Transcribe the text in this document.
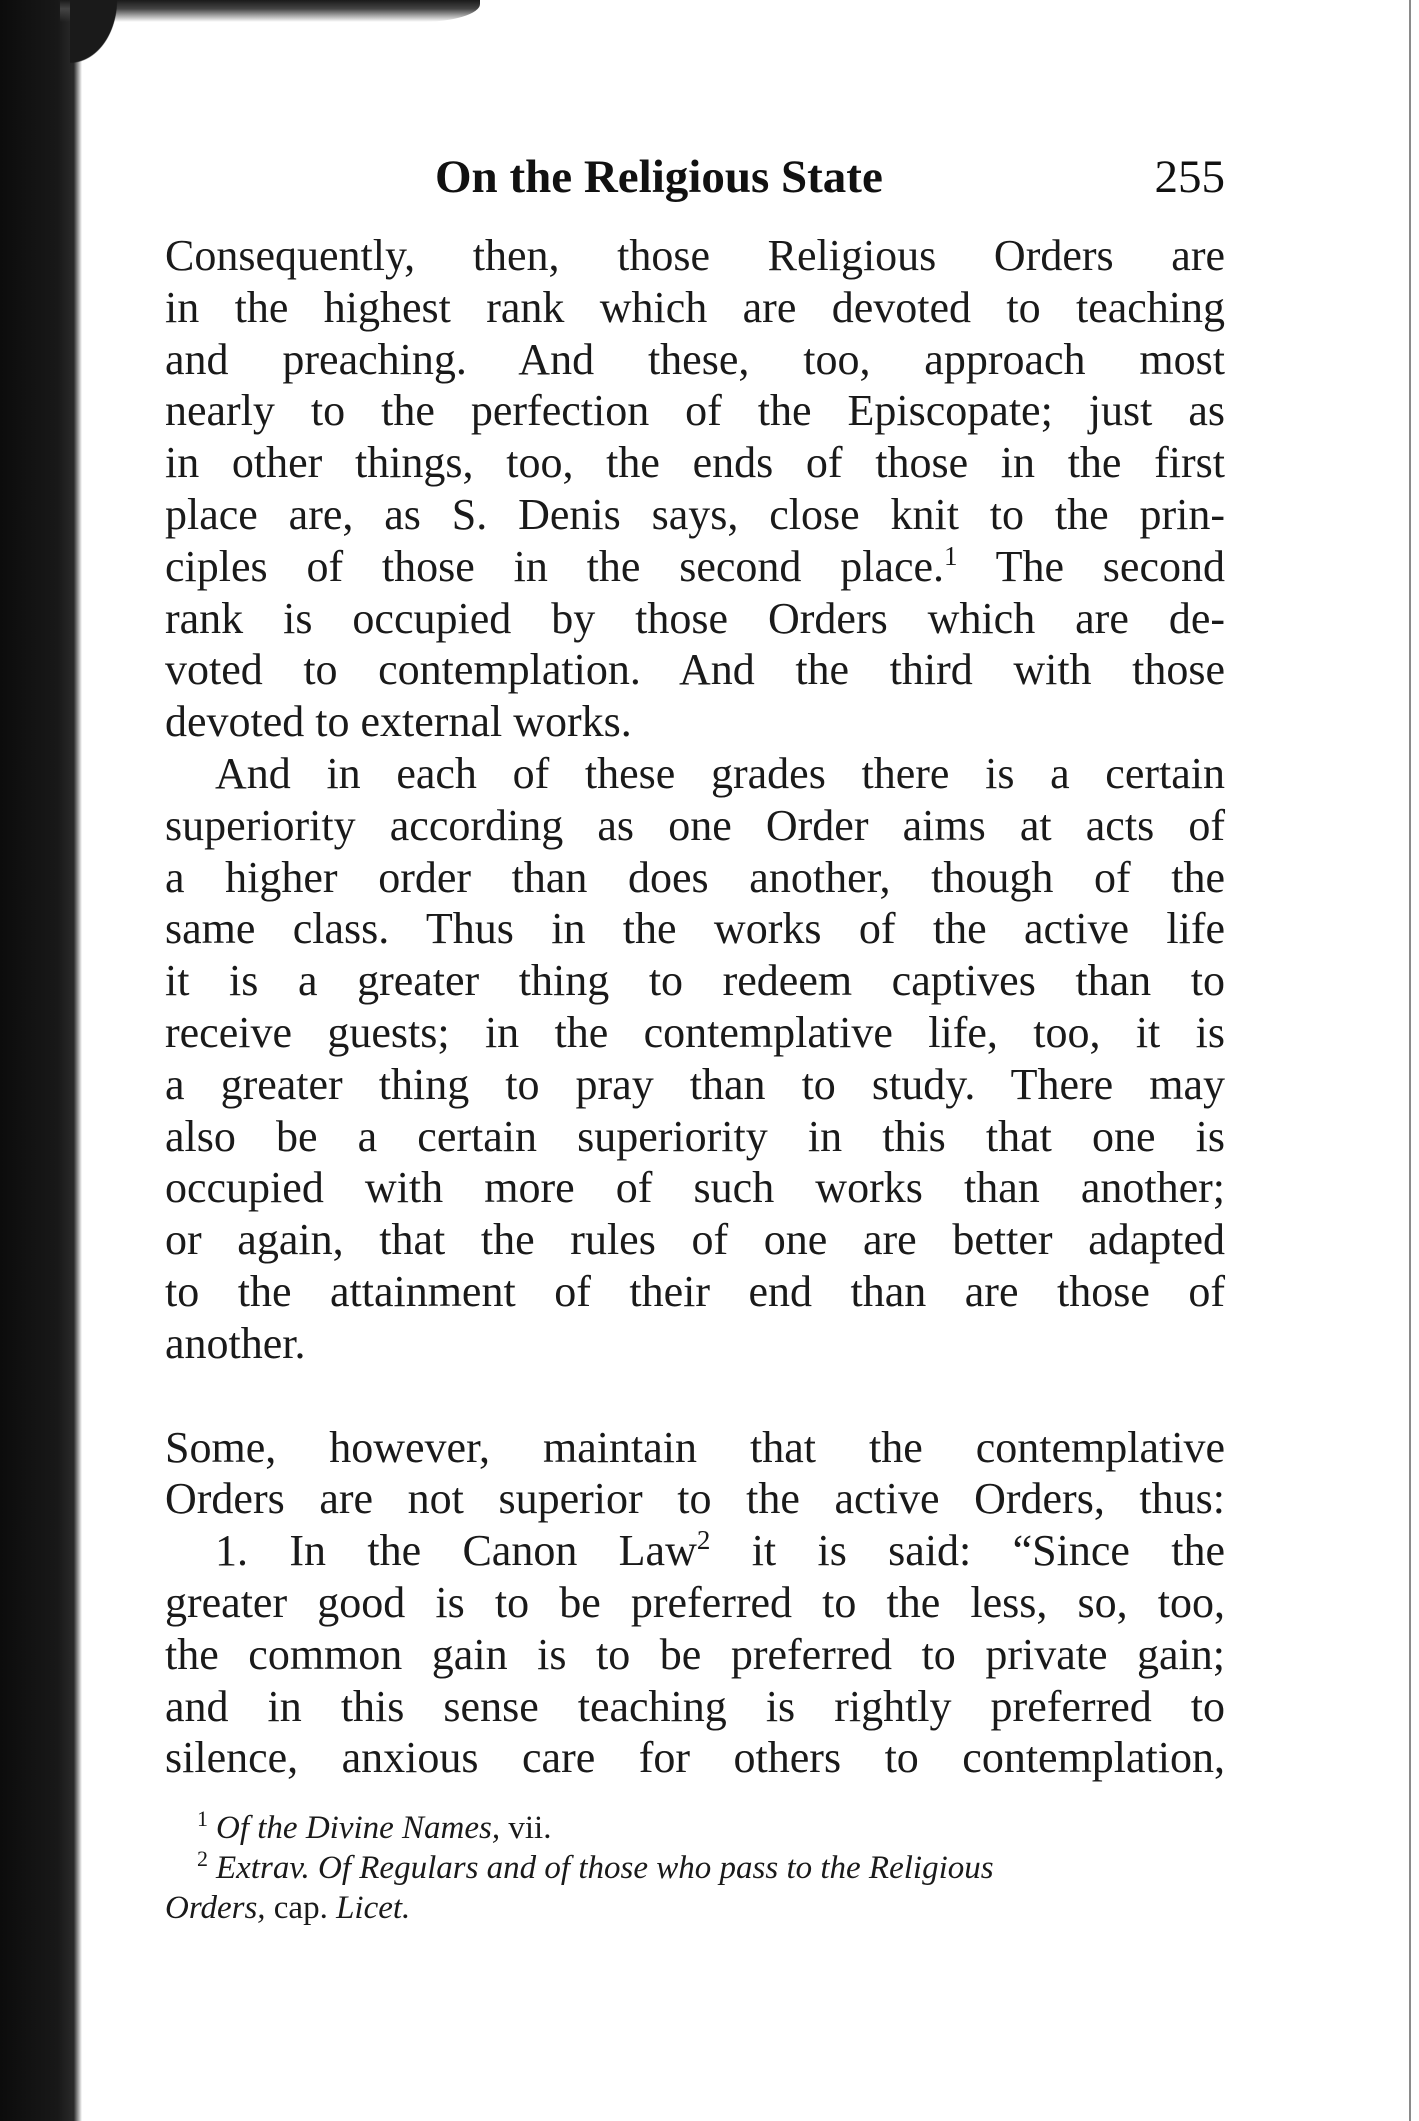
On the Religious State	255
Consequently, then, those Religious Orders are
in the highest rank which are devoted to teaching
and preaching. And these, too, approach most
nearly to the perfection of the Episcopate; just as
in other things, too, the ends of those in the first
place are, as S. Denis says, close knit to the prin-
ciples of those in the second place.$^1$ The second
rank is occupied by those Orders which are de-
voted to contemplation. And the third with those
devoted to external works.
And in each of these grades there is a certain
superiority according as one Order aims at acts of
a higher order than does another, though of the
same class. Thus in the works of the active life
it is a greater thing to redeem captives than to
receive guests; in the contemplative life, too, it is
a greater thing to pray than to study. There may
also be a certain superiority in this that one is
occupied with more of such works than another;
or again, that the rules of one are better adapted
to the attainment of their end than are those of
another.
Some, however, maintain that the contemplative
Orders are not superior to the active Orders, thus:
1. In the Canon Law$^2$ it is said: “Since the
greater good is to be preferred to the less, so, too,
the common gain is to be preferred to private gain;
and in this sense teaching is rightly preferred to
silence, anxious care for others to contemplation,
$^1$ Of the Divine Names, vii.
$^2$ Extrav. Of Regulars and of those who pass to the Religious
Orders, cap. Licet.
